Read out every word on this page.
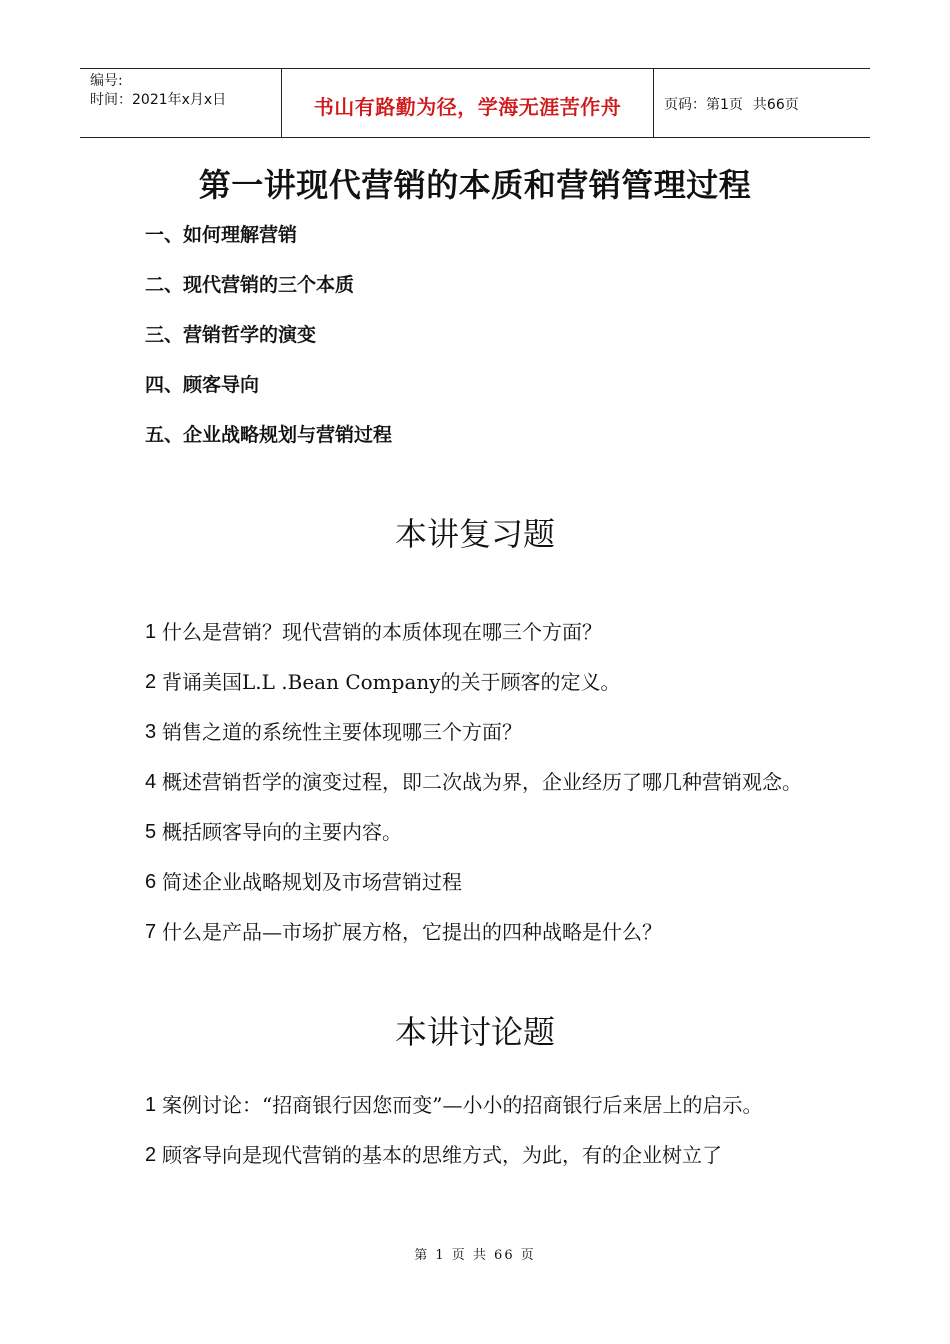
编号:
时间：2021年x月x日	书山有路勤为径，学海无涯苦作舟	页码：第1页 共66页
第一讲现代营销的本质和营销管理过程
一、如何理解营销
二、现代营销的三个本质
三、营销哲学的演变
四、顾客导向
五、企业战略规划与营销过程
本讲复习题
1 什么是营销？现代营销的本质体现在哪三个方面？
2 背诵美国L.L .Bean Company的关于顾客的定义。
3 销售之道的系统性主要体现哪三个方面？
4 概述营销哲学的演变过程，即二次战为界，企业经历了哪几种营销观念。
5 概括顾客导向的主要内容。
6 简述企业战略规划及市场营销过程
7 什么是产品—市场扩展方格，它提出的四种战略是什么？
本讲讨论题
1 案例讨论：“招商银行因您而变”—小小的招商银行后来居上的启示。
2 顾客导向是现代营销的基本的思维方式，为此，有的企业树立了
第 1 页 共 66 页
